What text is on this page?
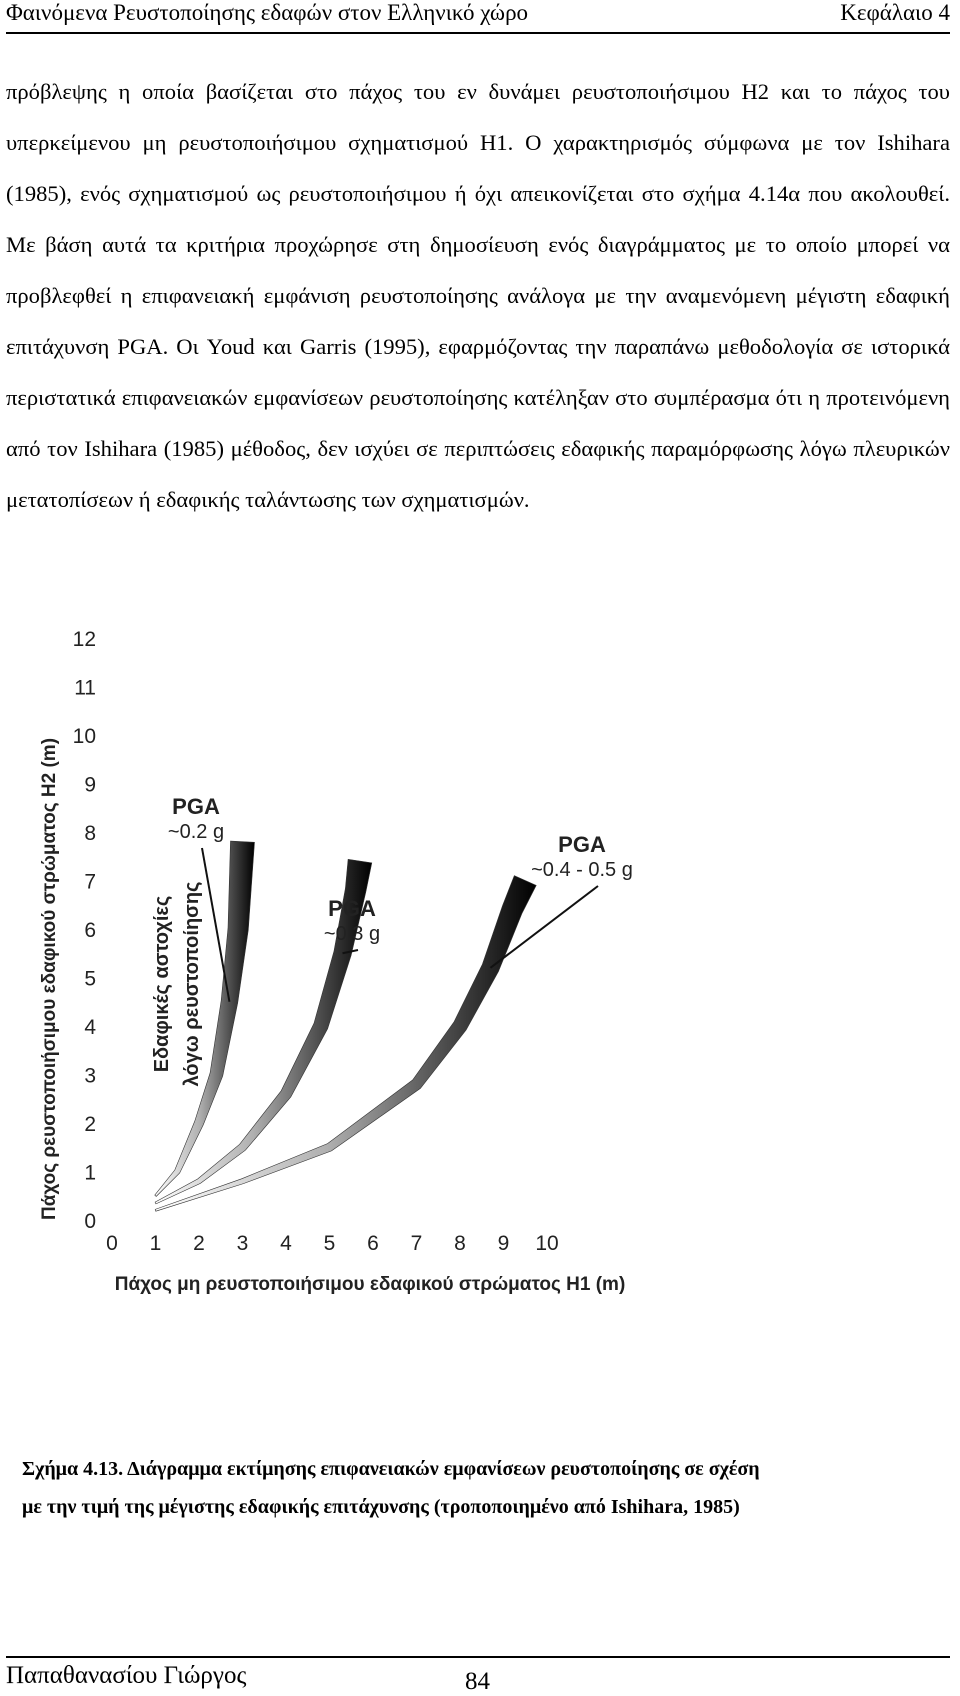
Φαινόμενα Ρευστοποίησης εδαφών στον Ελληνικό χώρο	Κεφάλαιο 4

πρόβλεψης η οποία βασίζεται στο πάχος του εν δυνάμει ρευστοποιήσιμου H2 και το πάχος του υπερκείμενου μη ρευστοποιήσιμου σχηματισμού H1. Ο χαρακτηρισμός σύμφωνα με τον Ishihara (1985), ενός σχηματισμού ως ρευστοποιήσιμου ή όχι απεικονίζεται στο σχήμα 4.14α που ακολουθεί. Με βάση αυτά τα κριτήρια προχώρησε στη δημοσίευση ενός διαγράμματος με το οποίο μπορεί να προβλεφθεί η επιφανειακή εμφάνιση ρευστοποίησης ανάλογα με την αναμενόμενη μέγιστη εδαφική επιτάχυνση PGA. Οι Youd και Garris (1995), εφαρμόζοντας την παραπάνω μεθοδολογία σε ιστορικά περιστατικά επιφανειακών εμφανίσεων ρευστοποίησης κατέληξαν στο συμπέρασμα ότι η προτεινόμενη από τον Ishihara (1985) μέθοδος, δεν ισχύει σε περιπτώσεις εδαφικής παραμόρφωσης λόγω πλευρικών μετατοπίσεων ή εδαφικής ταλάντωσης των σχηματισμών.

Πάχος ρευστοποιήσιμου εδαφικού στρώματος H2 (m)
0
1
2
3
4
5
6
7
8
9
10
11
12
0 1 2 3 4 5 6 7 8 9 10
PGA
~0.2 g
PGA
~0.3 g
PGA
~0.4 - 0.5 g
Εδαφικές αστοχίες λόγω ρευστοποίησης
Πάχος μη ρευστοποιήσιμου εδαφικού στρώματος H1 (m)

Σχήμα 4.13. Διάγραμμα εκτίμησης επιφανειακών εμφανίσεων ρευστοποίησης σε σχέση

με την τιμή της μέγιστης εδαφικής επιτάχυνσης (τροποποιημένο από Ishihara, 1985)

Παπαθανασίου Γιώργος	84
